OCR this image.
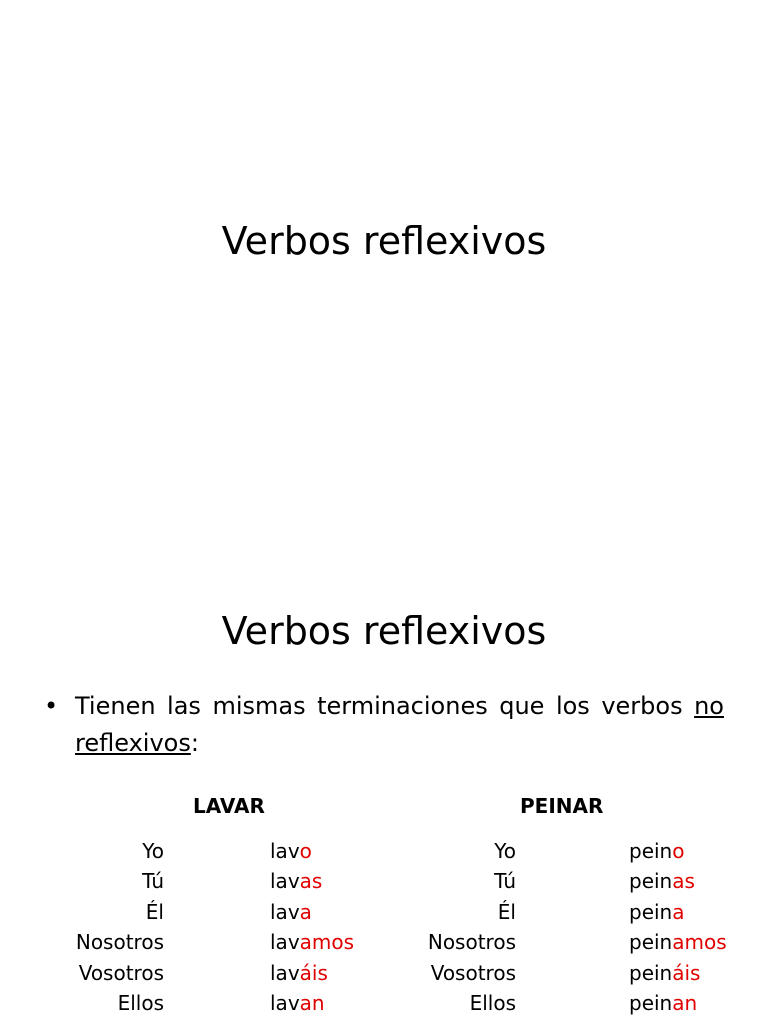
Verbos reflexivos
Verbos reflexivos
• Tienen las mismas terminaciones que los verbos no reflexivos:
LAVAR
Yo	lavo
Tú	lavas
Él	lava
Nosotros	lavamos
Vosotros	laváis
Ellos	lavan
PEINAR
Yo	peino
Tú	peinas
Él	peina
Nosotros	peinamos
Vosotros	peináis
Ellos	peinan
